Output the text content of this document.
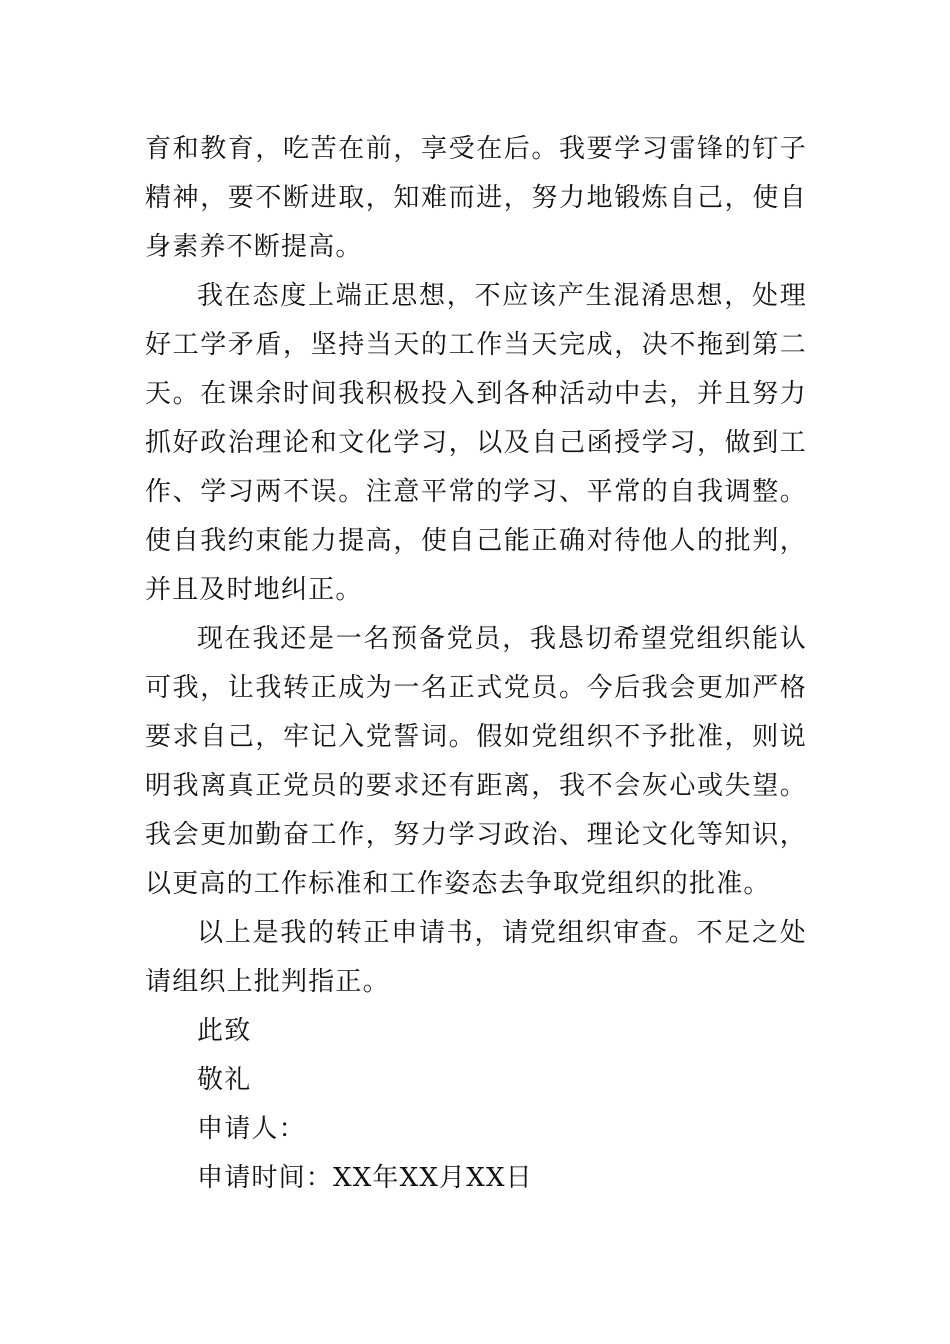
育和教育，吃苦在前，享受在后。我要学习雷锋的钉子精神，要不断进取，知难而进，努力地锻炼自己，使自身素养不断提高。

我在态度上端正思想，不应该产生混淆思想，处理好工学矛盾，坚持当天的工作当天完成，决不拖到第二天。在课余时间我积极投入到各种活动中去，并且努力抓好政治理论和文化学习，以及自己函授学习，做到工作、学习两不误。注意平常的学习、平常的自我调整。使自我约束能力提高，使自己能正确对待他人的批判，并且及时地纠正。

现在我还是一名预备党员，我恳切希望党组织能认可我，让我转正成为一名正式党员。今后我会更加严格要求自己，牢记入党誓词。假如党组织不予批准，则说明我离真正党员的要求还有距离，我不会灰心或失望。我会更加勤奋工作，努力学习政治、理论文化等知识，以更高的工作标准和工作姿态去争取党组织的批准。

以上是我的转正申请书，请党组织审查。不足之处请组织上批判指正。

此致

敬礼

申请人：

申请时间：XX年XX月XX日
